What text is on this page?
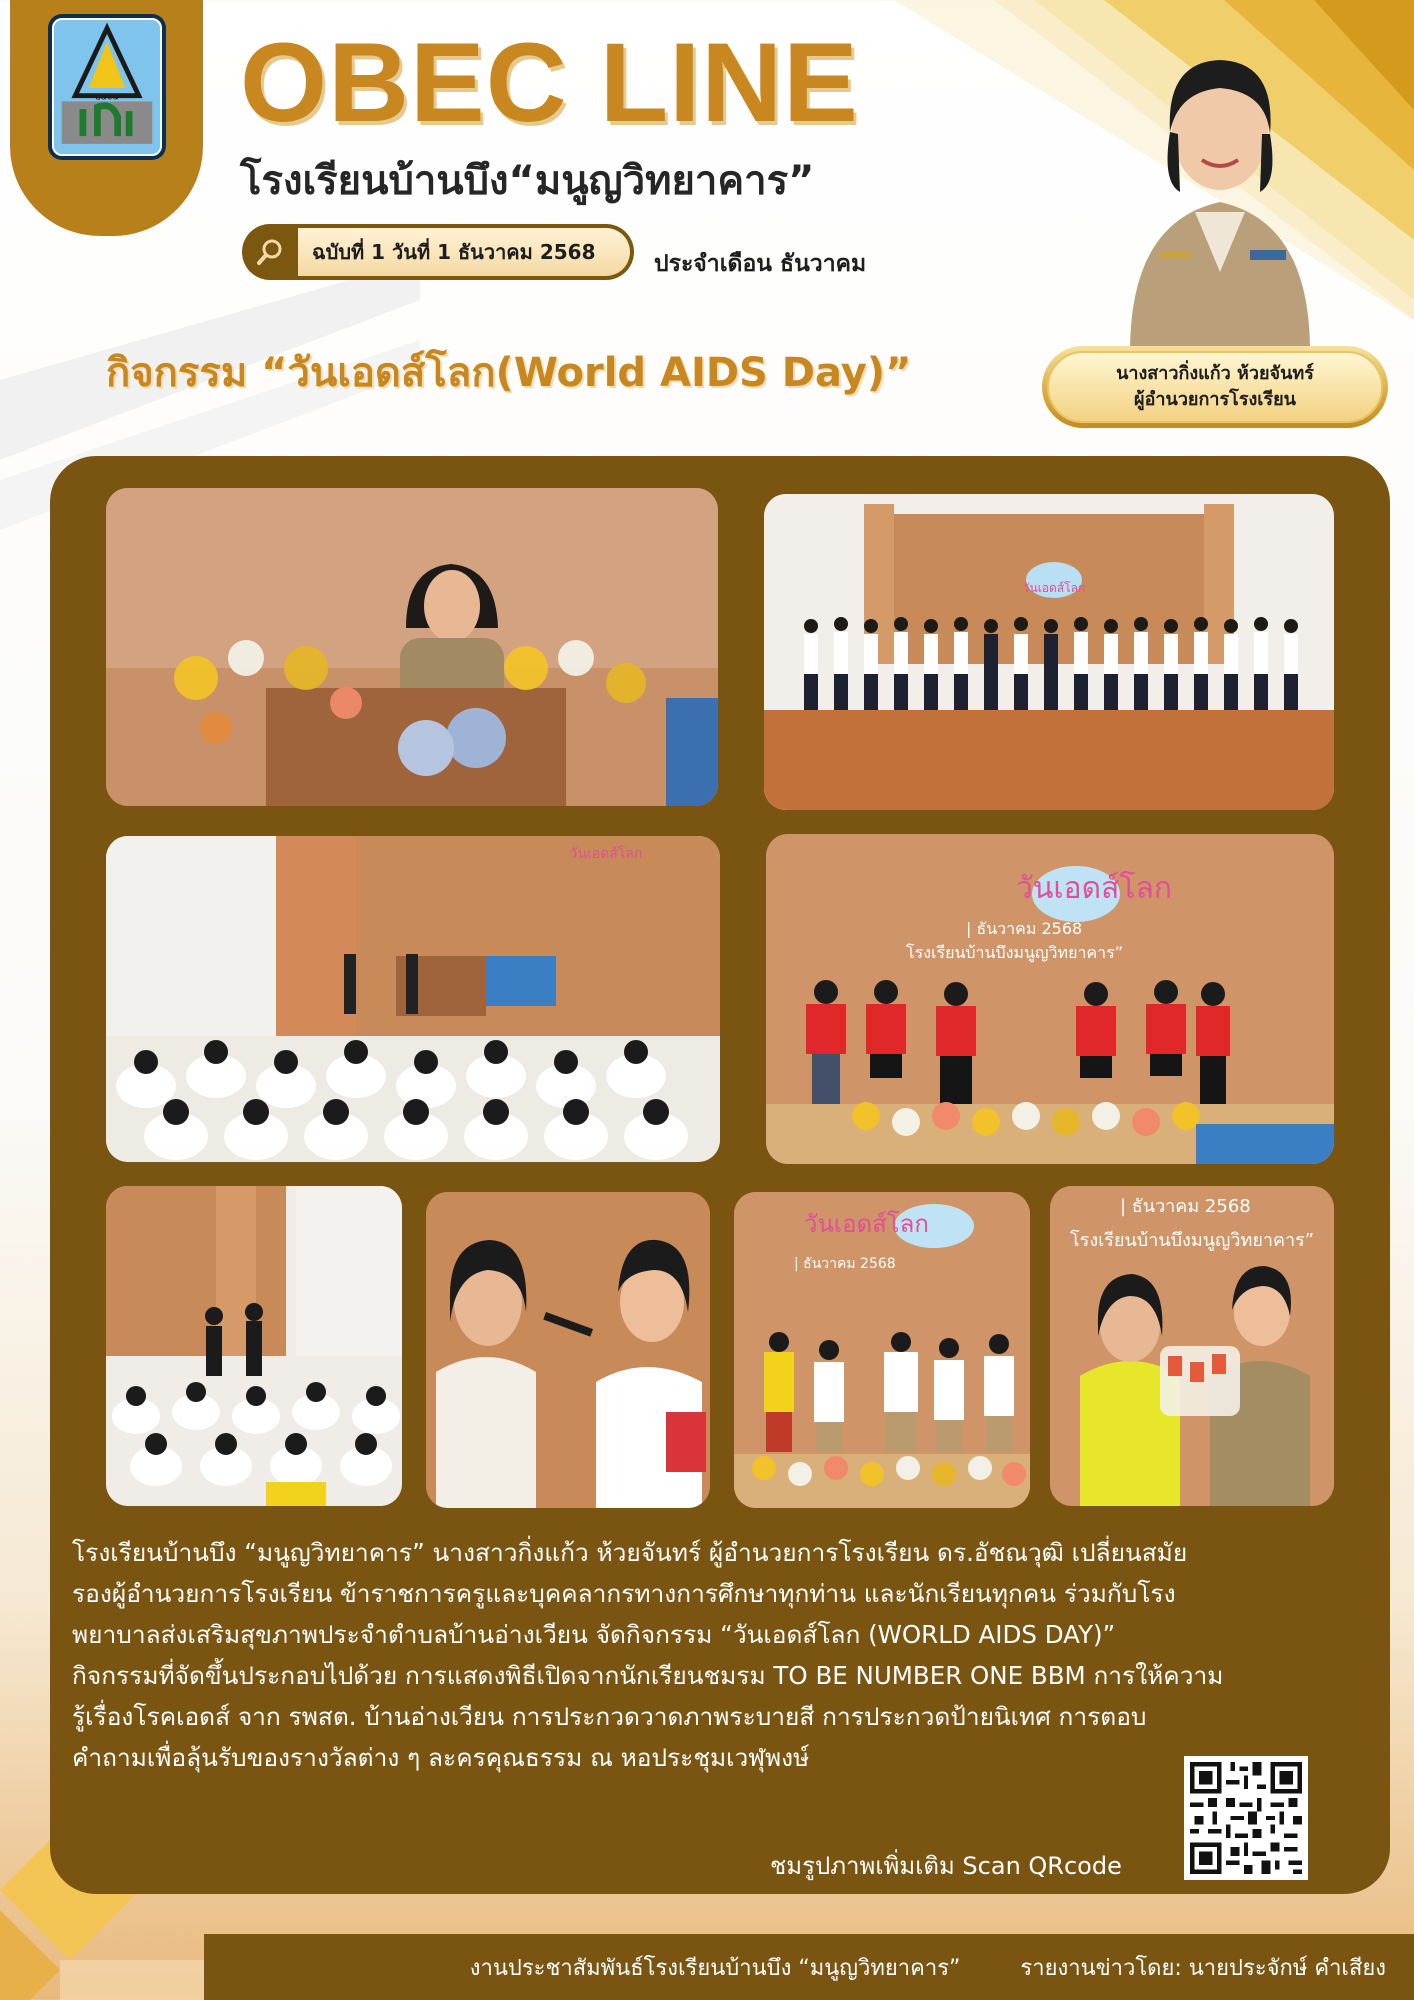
๒๕๐๕ OBEC LINE
โรงเรียนบ้านบึง“มนูญวิทยาคาร”
ฉบับที่ 1 วันที่ 1 ธันวาคม 2568	ประจำเดือน ธันวาคม
กิจกรรม “วันเอดส์โลก(World AIDS Day)”	นางสาวกิ่งแก้ว ห้วยจันทร์
ผู้อำนวยการโรงเรียน
วันเอดส์โลก
วันเอดส์โลก
วันเอดส์โลก
| ธันวาคม 2568
โรงเรียนบ้านบึงมนูญวิทยาคาร”
วันเอดส์โลก
| ธันวาคม 2568
| ธันวาคม 2568
โรงเรียนบ้านบึงมนูญวิทยาคาร”
โรงเรียนบ้านบึง “มนูญวิทยาคาร” นางสาวกิ่งแก้ว ห้วยจันทร์ ผู้อำนวยการโรงเรียน ดร.อัชณวุฒิ เปลี่ยนสมัย
รองผู้อำนวยการโรงเรียน ข้าราชการครูและบุคคลากรทางการศึกษาทุกท่าน และนักเรียนทุกคน ร่วมกับโรง
พยาบาลส่งเสริมสุขภาพประจำตำบลบ้านอ่างเวียน จัดกิจกรรม “วันเอดส์โลก (WORLD AIDS DAY)”
กิจกรรมที่จัดขึ้นประกอบไปด้วย การแสดงพิธีเปิดจากนักเรียนชมรม TO BE NUMBER ONE BBM การให้ความ
รู้เรื่องโรคเอดส์ จาก รพสต. บ้านอ่างเวียน การประกวดวาดภาพระบายสี การประกวดป้ายนิเทศ การตอบ
คำถามเพื่อลุ้นรับของรางวัลต่าง ๆ ละครคุณธรรม ณ หอประชุมเวฬุพงษ์
ชมรูปภาพเพิ่มเติม Scan QRcode
งานประชาสัมพันธ์โรงเรียนบ้านบึง “มนูญวิทยาคาร”	รายงานข่าวโดย: นายประจักษ์ คำเสียง
